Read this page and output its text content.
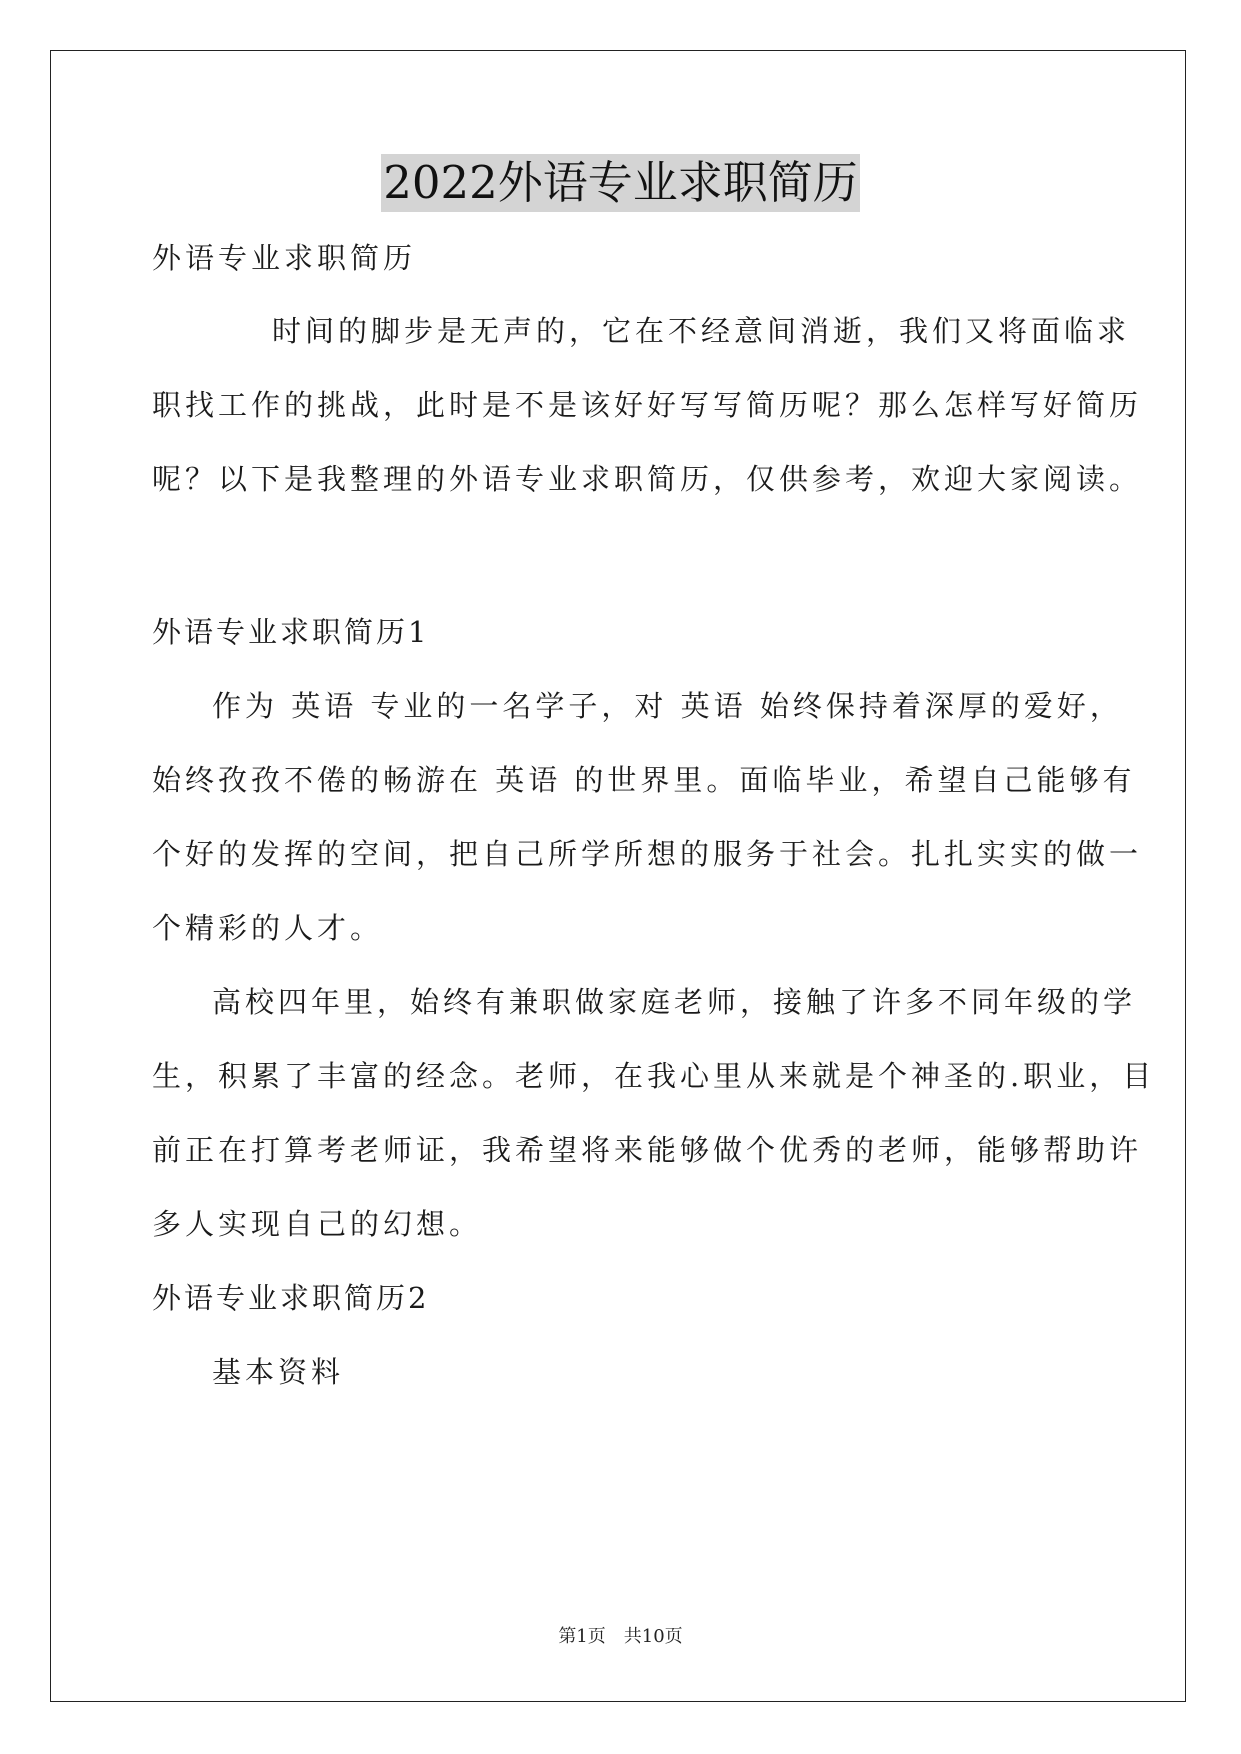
2022外语专业求职简历
外语专业求职简历
时间的脚步是无声的，它在不经意间消逝，我们又将面临求
职找工作的挑战，此时是不是该好好写写简历呢？那么怎样写好简历
呢？以下是我整理的外语专业求职简历，仅供参考，欢迎大家阅读。
外语专业求职简历1
作为 英语 专业的一名学子，对 英语 始终保持着深厚的爱好，
始终孜孜不倦的畅游在 英语 的世界里。面临毕业，希望自己能够有
个好的发挥的空间，把自己所学所想的服务于社会。扎扎实实的做一
个精彩的人才。
高校四年里，始终有兼职做家庭老师，接触了许多不同年级的学
生，积累了丰富的经念。老师，在我心里从来就是个神圣的.职业，目
前正在打算考老师证，我希望将来能够做个优秀的老师，能够帮助许
多人实现自己的幻想。
外语专业求职简历2
基本资料
第1页 共10页
